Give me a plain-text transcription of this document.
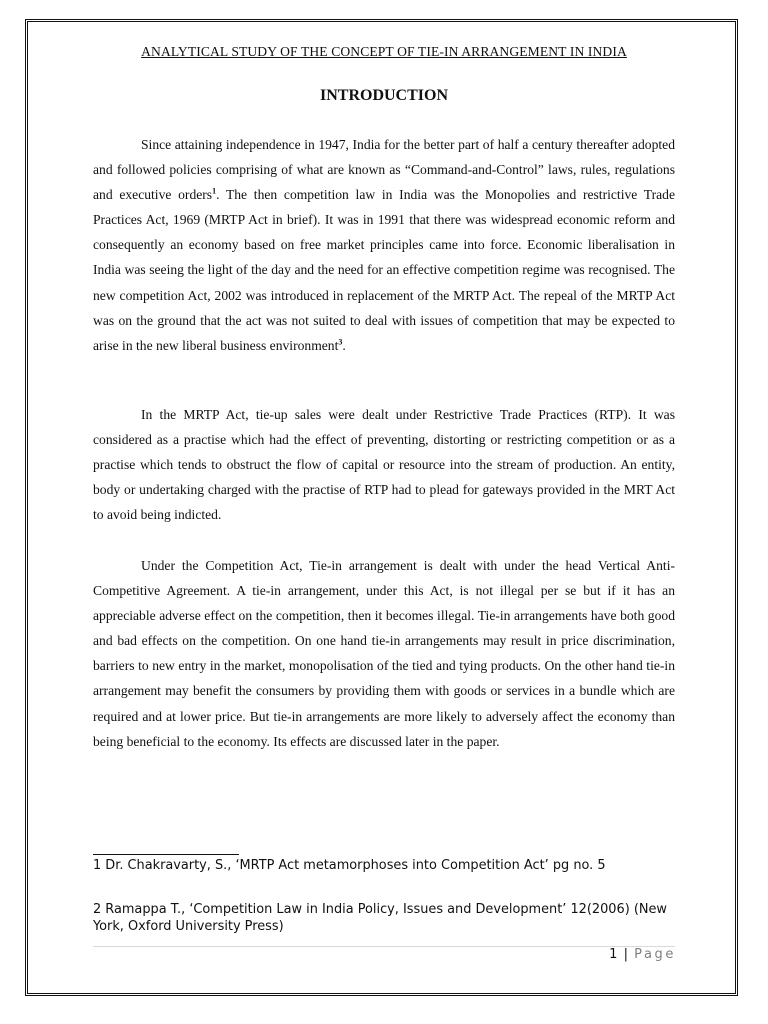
ANALYTICAL STUDY OF THE CONCEPT OF TIE-IN ARRANGEMENT IN INDIA
INTRODUCTION

Since attaining independence in 1947, India for the better part of half a century thereafter adopted and followed policies comprising of what are known as “Command-and-Control” laws, rules, regulations and executive orders$^1$. The then competition law in India was the Monopolies and restrictive Trade Practices Act, 1969 (MRTP Act in brief). It was in 1991 that there was widespread economic reform and consequently an economy based on free market principles came into force. Economic liberalisation in India was seeing the light of the day and the need for an effective competition regime was recognised. The new competition Act, 2002 was introduced in replacement of the MRTP Act. The repeal of the MRTP Act was on the ground that the act was not suited to deal with issues of competition that may be expected to arise in the new liberal business environment$^3$.

In the MRTP Act, tie-up sales were dealt under Restrictive Trade Practices (RTP). It was considered as a practise which had the effect of preventing, distorting or restricting competition or as a practise which tends to obstruct the flow of capital or resource into the stream of production. An entity, body or undertaking charged with the practise of RTP had to plead for gateways provided in the MRT Act to avoid being indicted.

Under the Competition Act, Tie-in arrangement is dealt with under the head Vertical Anti-Competitive Agreement. A tie-in arrangement, under this Act, is not illegal per se but if it has an appreciable adverse effect on the competition, then it becomes illegal. Tie-in arrangements have both good and bad effects on the competition. On one hand tie-in arrangements may result in price discrimination, barriers to new entry in the market, monopolisation of the tied and tying products. On the other hand tie-in arrangement may benefit the consumers by providing them with goods or services in a bundle which are required and at lower price. But tie-in arrangements are more likely to adversely affect the economy than being beneficial to the economy. Its effects are discussed later in the paper.

1 Dr. Chakravarty, S., ‘MRTP Act metamorphoses into Competition Act’ pg no. 5
2 Ramappa T., ‘Competition Law in India Policy, Issues and Development’ 12(2006) (New York, Oxford University Press)
1 | Page
